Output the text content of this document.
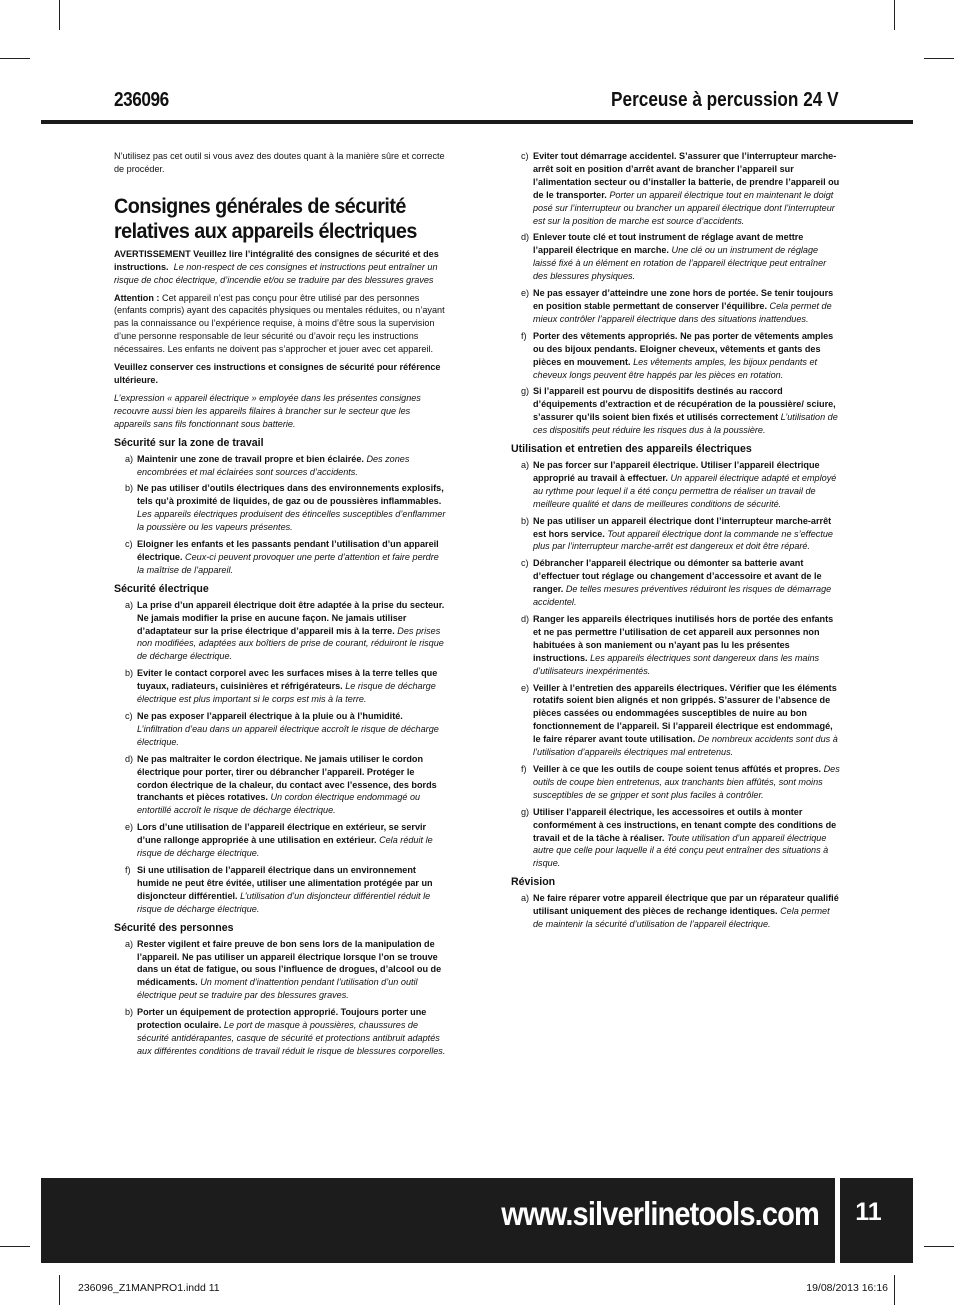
236096	Perceuse à percussion 24 V

N’utilisez pas cet outil si vous avez des doutes quant à la manière sûre et correcte de procéder.

Consignes générales de sécurité relatives aux appareils électriques

AVERTISSEMENT Veuillez lire l’intégralité des consignes de sécurité et des instructions. Le non-respect de ces consignes et instructions peut entraîner un risque de choc électrique, d’incendie et/ou se traduire par des blessures graves

Attention : Cet appareil n’est pas conçu pour être utilisé par des personnes (enfants compris) ayant des capacités physiques ou mentales réduites, ou n’ayant pas la connaissance ou l’expérience requise, à moins d’être sous la supervision d’une personne responsable de leur sécurité ou d’avoir reçu les instructions nécessaires. Les enfants ne doivent pas s’approcher et jouer avec cet appareil.

Veuillez conserver ces instructions et consignes de sécurité pour référence ultérieure.

L’expression « appareil électrique » employée dans les présentes consignes recouvre aussi bien les appareils filaires à brancher sur le secteur que les appareils sans fils fonctionnant sous batterie.

Sécurité sur la zone de travail
a) Maintenir une zone de travail propre et bien éclairée. Des zones encombrées et mal éclairées sont sources d’accidents.
b) Ne pas utiliser d’outils électriques dans des environnements explosifs, tels qu’à proximité de liquides, de gaz ou de poussières inflammables. Les appareils électriques produisent des étincelles susceptibles d’enflammer la poussière ou les vapeurs présentes.
c) Eloigner les enfants et les passants pendant l’utilisation d’un appareil électrique. Ceux-ci peuvent provoquer une perte d’attention et faire perdre la maîtrise de l’appareil.
Sécurité électrique
a) La prise d’un appareil électrique doit être adaptée à la prise du secteur. Ne jamais modifier la prise en aucune façon. Ne jamais utiliser d’adaptateur sur la prise électrique d’appareil mis à la terre. Des prises non modifiées, adaptées aux boîtiers de prise de courant, réduiront le risque de décharge électrique.
b) Eviter le contact corporel avec les surfaces mises à la terre telles que tuyaux, radiateurs, cuisinières et réfrigérateurs. Le risque de décharge électrique est plus important si le corps est mis à la terre.
c) Ne pas exposer l’appareil électrique à la pluie ou à l’humidité. L’infiltration d’eau dans un appareil électrique accroît le risque de décharge électrique.
d) Ne pas maltraiter le cordon électrique. Ne jamais utiliser le cordon électrique pour porter, tirer ou débrancher l’appareil. Protéger le cordon électrique de la chaleur, du contact avec l’essence, des bords tranchants et pièces rotatives. Un cordon électrique endommagé ou entortillé accroît le risque de décharge électrique.
e) Lors d’une utilisation de l’appareil électrique en extérieur, se servir d’une rallonge appropriée à une utilisation en extérieur. Cela réduit le risque de décharge électrique.
f) Si une utilisation de l’appareil électrique dans un environnement humide ne peut être évitée, utiliser une alimentation protégée par un disjoncteur différentiel. L’utilisation d’un disjoncteur différentiel réduit le risque de décharge électrique.
Sécurité des personnes
a) Rester vigilent et faire preuve de bon sens lors de la manipulation de l’appareil. Ne pas utiliser un appareil électrique lorsque l’on se trouve dans un état de fatigue, ou sous l’influence de drogues, d’alcool ou de médicaments. Un moment d’inattention pendant l’utilisation d’un outil électrique peut se traduire par des blessures graves.
b) Porter un équipement de protection approprié. Toujours porter une protection oculaire. Le port de masque à poussières, chaussures de sécurité antidérapantes, casque de sécurité et protections antibruit adaptés aux différentes conditions de travail réduit le risque de blessures corporelles.
c) Eviter tout démarrage accidentel. S’assurer que l’interrupteur marche-arrêt soit en position d’arrêt avant de brancher l’appareil sur l’alimentation secteur ou d’installer la batterie, de prendre l’appareil ou de le transporter. Porter un appareil électrique tout en maintenant le doigt posé sur l’interrupteur ou brancher un appareil électrique dont l’interrupteur est sur la position de marche est source d’accidents.
d) Enlever toute clé et tout instrument de réglage avant de mettre l’appareil électrique en marche. Une clé ou un instrument de réglage laissé fixé à un élément en rotation de l’appareil électrique peut entraîner des blessures physiques.
e) Ne pas essayer d’atteindre une zone hors de portée. Se tenir toujours en position stable permettant de conserver l’équilibre. Cela permet de mieux contrôler l’appareil électrique dans des situations inattendues.
f) Porter des vêtements appropriés. Ne pas porter de vêtements amples ou des bijoux pendants. Eloigner cheveux, vêtements et gants des pièces en mouvement. Les vêtements amples, les bijoux pendants et cheveux longs peuvent être happés par les pièces en rotation.
g) Si l’appareil est pourvu de dispositifs destinés au raccord d’équipements d’extraction et de récupération de la poussière/ sciure, s’assurer qu’ils soient bien fixés et utilisés correctement L’utilisation de ces dispositifs peut réduire les risques dus à la poussière.
Utilisation et entretien des appareils électriques
a) Ne pas forcer sur l’appareil électrique. Utiliser l’appareil électrique approprié au travail à effectuer. Un appareil électrique adapté et employé au rythme pour lequel il a été conçu permettra de réaliser un travail de meilleure qualité et dans de meilleures conditions de sécurité.
b) Ne pas utiliser un appareil électrique dont l’interrupteur marche-arrêt est hors service. Tout appareil électrique dont la commande ne s’effectue plus par l’interrupteur marche-arrêt est dangereux et doit être réparé.
c) Débrancher l’appareil électrique ou démonter sa batterie avant d’effectuer tout réglage ou changement d’accessoire et avant de le ranger. De telles mesures préventives réduiront les risques de démarrage accidentel.
d) Ranger les appareils électriques inutilisés hors de portée des enfants et ne pas permettre l’utilisation de cet appareil aux personnes non habituées à son maniement ou n’ayant pas lu les présentes instructions. Les appareils électriques sont dangereux dans les mains d’utilisateurs inexpérimentés.
e) Veiller à l’entretien des appareils électriques. Vérifier que les éléments rotatifs soient bien alignés et non grippés. S’assurer de l’absence de pièces cassées ou endommagées susceptibles de nuire au bon fonctionnement de l’appareil. Si l’appareil électrique est endommagé, le faire réparer avant toute utilisation. De nombreux accidents sont dus à l’utilisation d’appareils électriques mal entretenus.
f) Veiller à ce que les outils de coupe soient tenus affûtés et propres. Des outils de coupe bien entretenus, aux tranchants bien affûtés, sont moins susceptibles de se gripper et sont plus faciles à contrôler.
g) Utiliser l’appareil électrique, les accessoires et outils à monter conformément à ces instructions, en tenant compte des conditions de travail et de la tâche à réaliser. Toute utilisation d’un appareil électrique autre que celle pour laquelle il a été conçu peut entraîner des situations à risque.
Révision
a) Ne faire réparer votre appareil électrique que par un réparateur qualifié utilisant uniquement des pièces de rechange identiques. Cela permet de maintenir la sécurité d’utilisation de l’appareil électrique.
www.silverlinetools.com	11
236096_Z1MANPRO1.indd 11	19/08/2013 16:16
